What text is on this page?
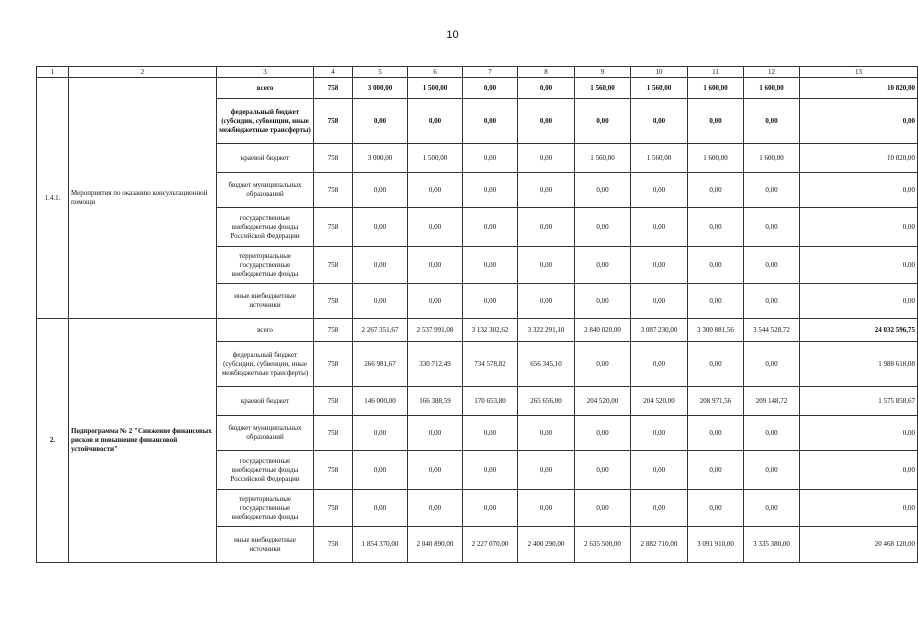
10
1	2	3	4	5	6	7	8	9	10	11	12	13
1.4.1.	Мероприятия по оказанию консультационной помощи	всего	758	3 000,00	1 500,00	0,00	0,00	1 560,00	1 560,00	1 600,00	1 600,00	10 820,00
		федеральный бюджет (субсидии, субвенции, иные межбюджетные трансферты)	758	0,00	0,00	0,00	0,00	0,00	0,00	0,00	0,00	0,00
		краевой бюджет	758	3 000,00	1 500,00	0,00	0,00	1 560,00	1 560,00	1 600,00	1 600,00	10 820,00
		бюджет муниципальных образований	758	0,00	0,00	0,00	0,00	0,00	0,00	0,00	0,00	0,00
		государственные внебюджетные фонды Российской Федерации	758	0,00	0,00	0,00	0,00	0,00	0,00	0,00	0,00	0,00
		территориальные государственные внебюджетные фонды	758	0,00	0,00	0,00	0,00	0,00	0,00	0,00	0,00	0,00
		иные внебюджетные источники	758	0,00	0,00	0,00	0,00	0,00	0,00	0,00	0,00	0,00
2.	Подпрограмма № 2 "Снижение финансовых рисков и повышение финансовой устойчивости"	всего	758	2 267 351,67	2 537 991,08	3 132 302,62	3 322 291,10	2 840 020,00	3 087 230,00	3 300 881,56	3 544 528,72	24 032 596,75
		федеральный бюджет (субсидии, субвенции, иные межбюджетные трансферты)	758	266 981,67	330 712,49	734 578,82	656 345,10	0,00	0,00	0,00	0,00	1 988 618,08
		краевой бюджет	758	146 000,00	166 388,59	170 653,80	265 656,00	204 520,00	204 520,00	208 971,56	209 148,72	1 575 858,67
		бюджет муниципальных образований	758	0,00	0,00	0,00	0,00	0,00	0,00	0,00	0,00	0,00
		государственные внебюджетные фонды Российской Федерации	758	0,00	0,00	0,00	0,00	0,00	0,00	0,00	0,00	0,00
		территориальные государственные внебюджетные фонды	758	0,00	0,00	0,00	0,00	0,00	0,00	0,00	0,00	0,00
		иные внебюджетные источники	758	1 854 370,00	2 040 890,00	2 227 070,00	2 400 290,00	2 635 500,00	2 882 710,00	3 091 910,00	3 335 380,00	20 468 120,00
